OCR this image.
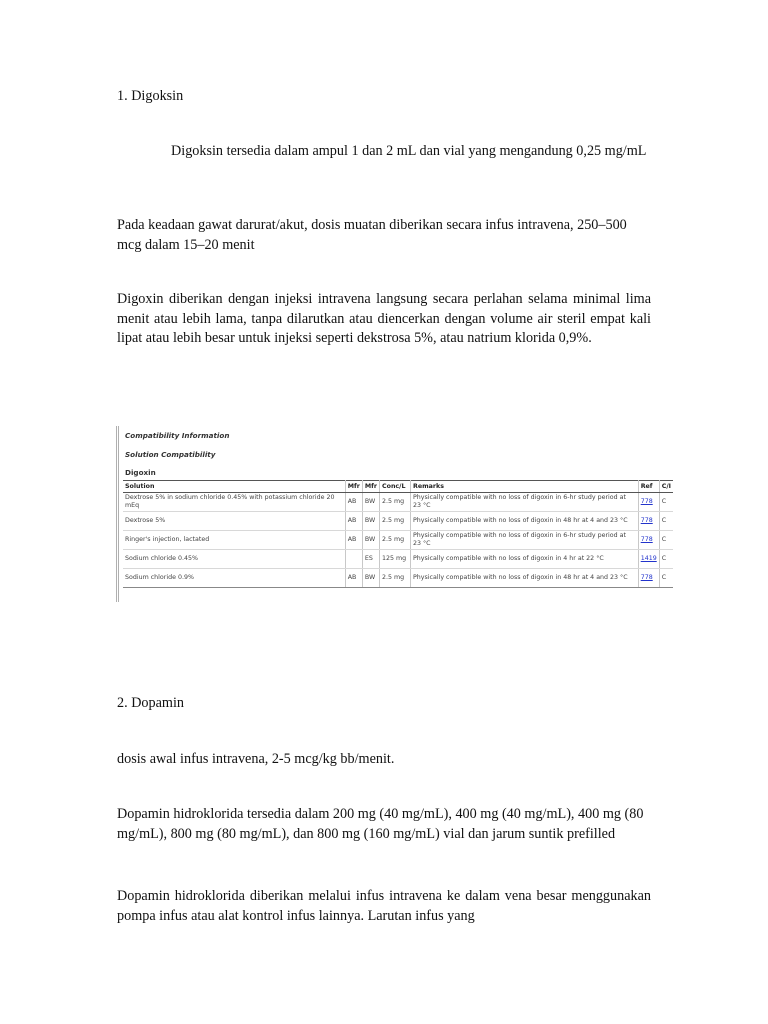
1. Digoksin
Digoksin tersedia dalam ampul 1 dan 2 mL dan vial yang mengandung 0,25 mg/mL
Pada keadaan gawat darurat/akut, dosis muatan diberikan secara infus intravena, 250–500 mcg dalam 15–20 menit
Digoxin diberikan dengan injeksi intravena langsung secara perlahan selama minimal lima menit atau lebih lama, tanpa dilarutkan atau diencerkan dengan volume air steril empat kali lipat atau lebih besar untuk injeksi seperti dekstrosa 5%, atau natrium klorida 0,9%.
Compatibility Information
Solution Compatibility
Digoxin
Solution	Mfr	Mfr	Conc/L	Remarks	Ref	C/I
Dextrose 5% in sodium chloride 0.45% with potassium chloride 20 mEq	AB	BW	2.5 mg	Physically compatible with no loss of digoxin in 6-hr study period at 23 °C	778	C
Dextrose 5%	AB	BW	2.5 mg	Physically compatible with no loss of digoxin in 48 hr at 4 and 23 °C	778	C
Ringer's injection, lactated	AB	BW	2.5 mg	Physically compatible with no loss of digoxin in 6-hr study period at 23 °C	778	C
Sodium chloride 0.45%		ES	125 mg	Physically compatible with no loss of digoxin in 4 hr at 22 °C	1419	C
Sodium chloride 0.9%	AB	BW	2.5 mg	Physically compatible with no loss of digoxin in 48 hr at 4 and 23 °C	778	C
2. Dopamin
dosis awal infus intravena, 2-5 mcg/kg bb/menit.
Dopamin hidroklorida tersedia dalam 200 mg (40 mg/mL), 400 mg (40 mg/mL), 400 mg (80 mg/mL), 800 mg (80 mg/mL), dan 800 mg (160 mg/mL) vial dan jarum suntik prefilled
Dopamin hidroklorida diberikan melalui infus intravena ke dalam vena besar menggunakan pompa infus atau alat kontrol infus lainnya. Larutan infus yang
